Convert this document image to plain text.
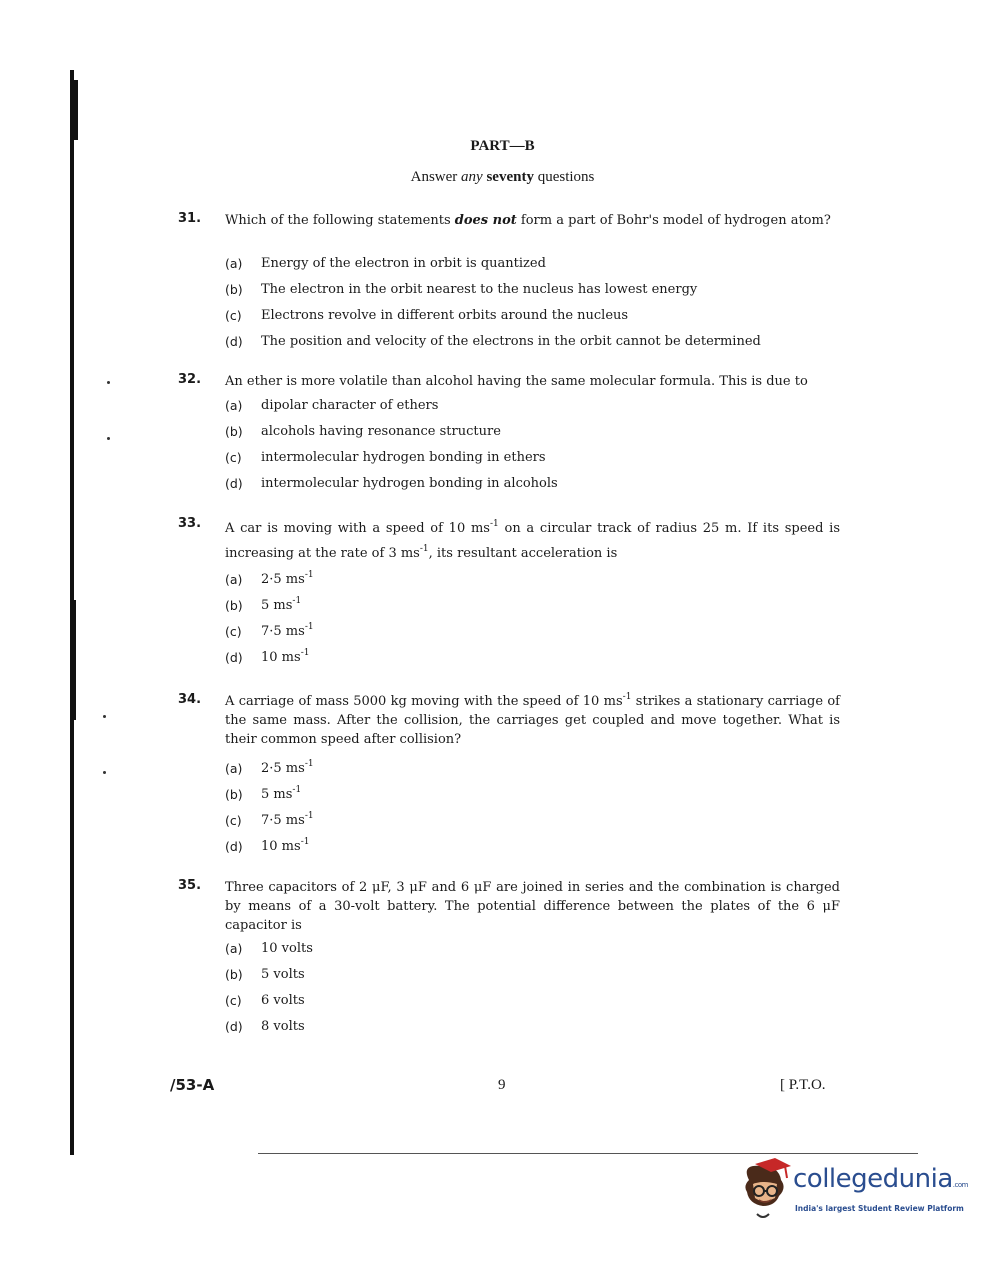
PART—B
Answer any seventy questions
31. Which of the following statements does not form a part of Bohr's model of hydrogen atom?
(a) Energy of the electron in orbit is quantized
(b) The electron in the orbit nearest to the nucleus has lowest energy
(c) Electrons revolve in different orbits around the nucleus
(d) The position and velocity of the electrons in the orbit cannot be determined
32. An ether is more volatile than alcohol having the same molecular formula. This is due to
(a) dipolar character of ethers
(b) alcohols having resonance structure
(c) intermolecular hydrogen bonding in ethers
(d) intermolecular hydrogen bonding in alcohols
33. A car is moving with a speed of 10 $ms^{-1}$ on a circular track of radius 25 m. If its speed is increasing at the rate of 3 $ms^{-1}$, its resultant acceleration is
(a) 2·5 $ms^{-1}$
(b) 5 $ms^{-1}$
(c) 7·5 $ms^{-1}$
(d) 10 $ms^{-1}$
34. A carriage of mass 5000 kg moving with the speed of 10 $ms^{-1}$ strikes a stationary carriage of the same mass. After the collision, the carriages get coupled and move together. What is their common speed after collision?
(a) 2·5 $ms^{-1}$
(b) 5 $ms^{-1}$
(c) 7·5 $ms^{-1}$
(d) 10 $ms^{-1}$
35. Three capacitors of 2 μF, 3 μF and 6 μF are joined in series and the combination is charged by means of a 30-volt battery. The potential difference between the plates of the 6 μF capacitor is
(a) 10 volts
(b) 5 volts
(c) 6 volts
(d) 8 volts
/53-A	9	[ P.T.O.
collegedunia.com
India's largest Student Review Platform
